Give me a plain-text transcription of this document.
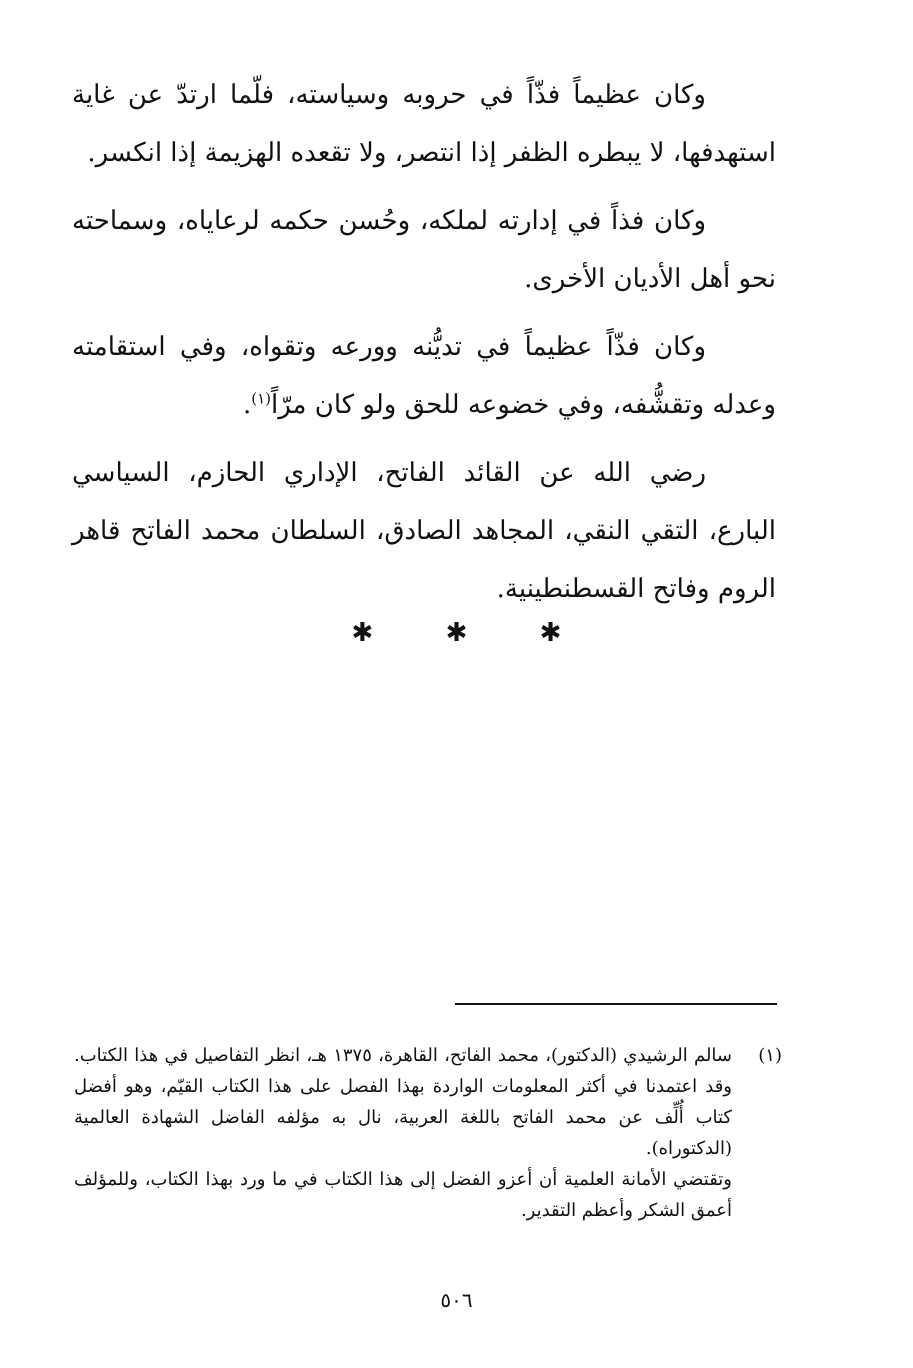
وكان عظيماً فذّاً في حروبه وسياسته، فلّما ارتدّ عن غاية استهدفها، لا يبطره الظفر إذا انتصر، ولا تقعده الهزيمة إذا انكسر.

وكان فذاً في إدارته لملكه، وحُسن حكمه لرعاياه، وسماحته نحو أهل الأديان الأخرى.

وكان فذّاً عظيماً في تديُّنه وورعه وتقواه، وفي استقامته وعدله وتقشُّفه، وفي خضوعه للحق ولو كان مرّاً$^{(١)}$.

رضي الله عن القائد الفاتح، الإداري الحازم، السياسي البارع، التقي النقي، المجاهد الصادق، السلطان محمد الفاتح قاهر الروم وفاتح القسطنطينية.

✱ ✱ ✱
(١)

سالم الرشيدي (الدكتور)، محمد الفاتح، القاهرة، ١٣٧٥ هـ، انظر التفاصيل في هذا الكتاب. وقد اعتمدنا في أكثر المعلومات الواردة بهذا الفصل على هذا الكتاب القيّم، وهو أفضل كتاب أُلِّف عن محمد الفاتح باللغة العربية، نال به مؤلفه الفاضل الشهادة العالمية (الدكتوراه).

وتقتضي الأمانة العلمية أن أعزو الفضل إلى هذا الكتاب في ما ورد بهذا الكتاب، وللمؤلف أعمق الشكر وأعظم التقدير.

٥٠٦
